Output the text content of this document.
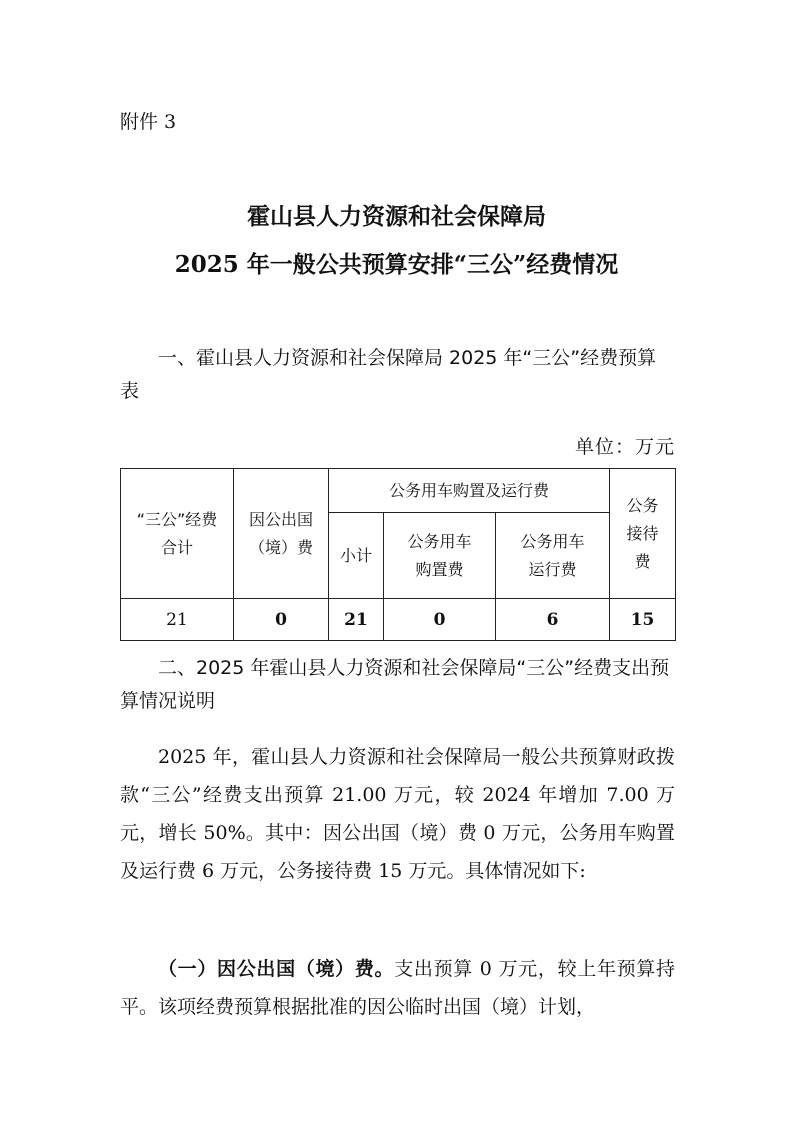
附件 3
霍山县人力资源和社会保障局
2025 年一般公共预算安排“三公”经费情况
一、霍山县人力资源和社会保障局 2025 年“三公”经费预算表
单位：万元
“三公”经费合计	因公出国（境）费	公务用车购置及运行费			公务接待费
		小计	公务用车购置费	公务用车运行费	
21	0	21	0	6	15
二、2025 年霍山县人力资源和社会保障局“三公”经费支出预算情况说明
2025 年，霍山县人力资源和社会保障局一般公共预算财政拨款“三公”经费支出预算 21.00 万元，较 2024 年增加 7.00 万元，增长 50%。其中：因公出国（境）费 0 万元，公务用车购置及运行费 6 万元，公务接待费 15 万元。具体情况如下:
（一）因公出国（境）费。支出预算 0 万元，较上年预算持平。该项经费预算根据批准的因公临时出国（境）计划，
